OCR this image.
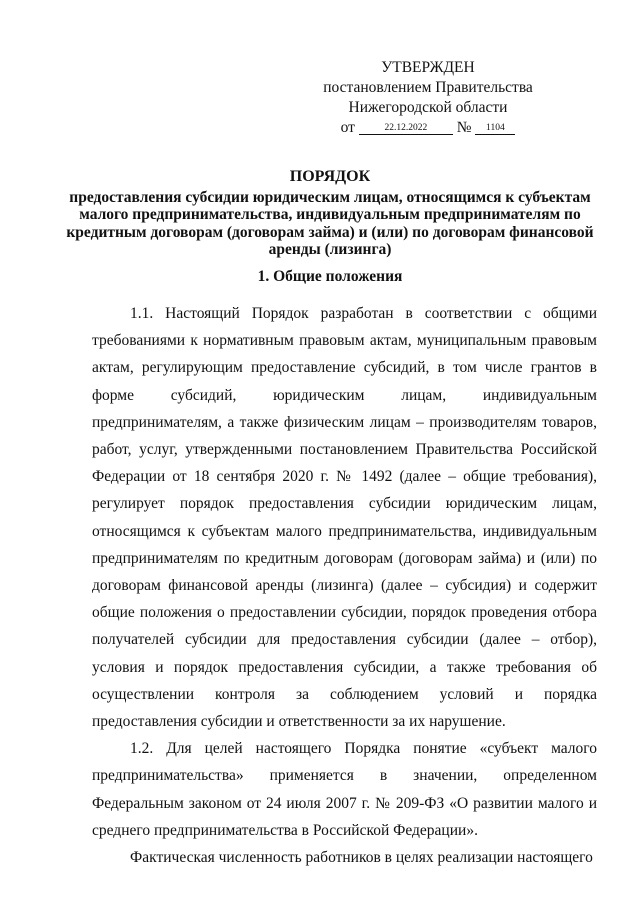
УТВЕРЖДЕН
постановлением Правительства
Нижегородской области
от	22.12.2022 № 1104
ПОРЯДОК
предоставления субсидии юридическим лицам, относящимся к субъектам малого предпринимательства, индивидуальным предпринимателям по кредитным договорам (договорам займа) и (или) по договорам финансовой аренды (лизинга)
1. Общие положения

1.1. Настоящий Порядок разработан в соответствии с общими требованиями к нормативным правовым актам, муниципальным правовым актам, регулирующим предоставление субсидий, в том числе грантов в форме субсидий, юридическим лицам, индивидуальным предпринимателям, а также физическим лицам – производителям товаров, работ, услуг, утвержденными постановлением Правительства Российской Федерации от 18 сентября 2020 г. № 1492 (далее – общие требования), регулирует порядок предоставления субсидии юридическим лицам, относящимся к субъектам малого предпринимательства, индивидуальным предпринимателям по кредитным договорам (договорам займа) и (или) по договорам финансовой аренды (лизинга) (далее – субсидия) и содержит общие положения о предоставлении субсидии, порядок проведения отбора получателей субсидии для предоставления субсидии (далее – отбор), условия и порядок предоставления субсидии, а также требования об осуществлении контроля за соблюдением условий и порядка предоставления субсидии и ответственности за их нарушение.

1.2. Для целей настоящего Порядка понятие «субъект малого предпринимательства» применяется в значении, определенном Федеральным законом от 24 июля 2007 г. № 209-ФЗ «О развитии малого и среднего предпринимательства в Российской Федерации».

Фактическая численность работников в целях реализации настоящего
